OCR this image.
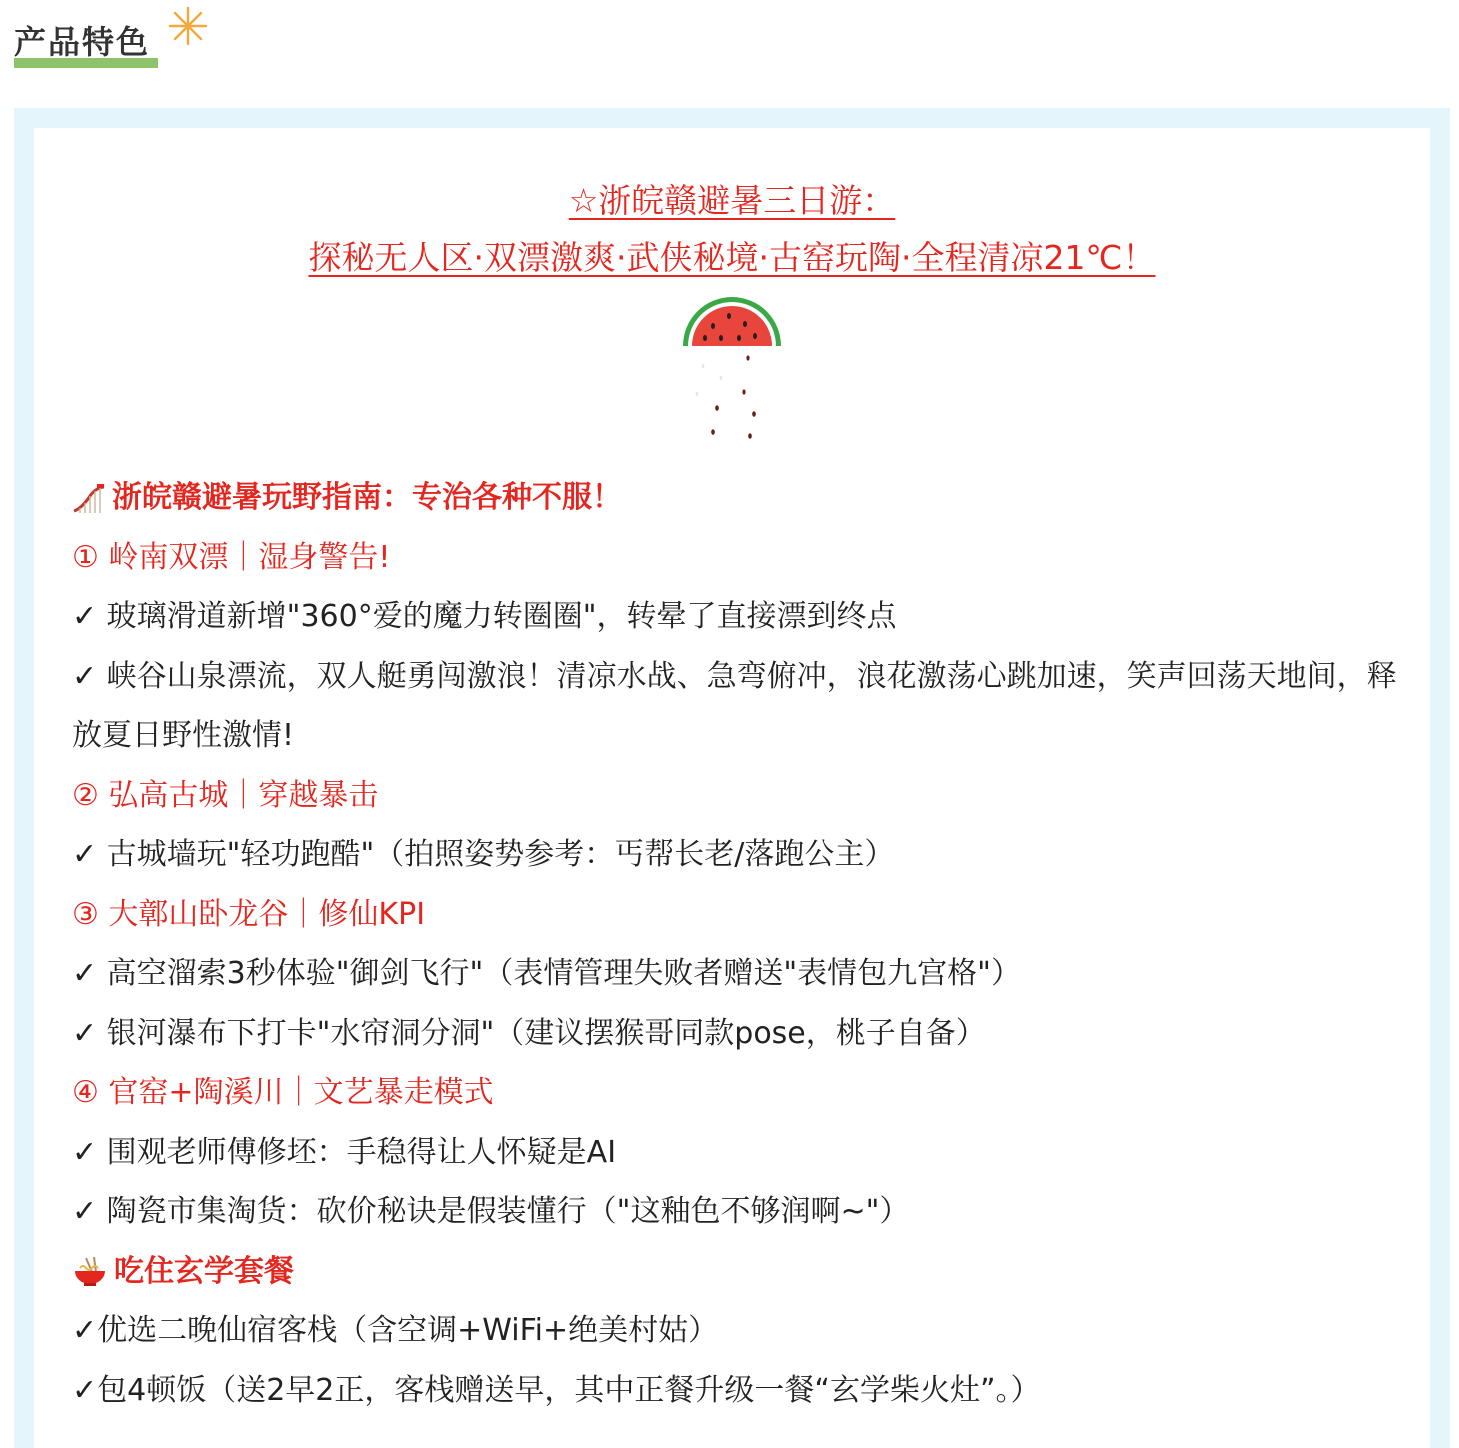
产品特色
☆浙皖赣避暑三日游：
探秘无人区·双漂激爽·武侠秘境·古窑玩陶·全程清凉21℃！
浙皖赣避暑玩野指南：专治各种不服！
① 岭南双漂｜湿身警告!
✓ 玻璃滑道新增"360°爱的魔力转圈圈"，转晕了直接漂到终点
✓ 峡谷山泉漂流，双人艇勇闯激浪！清凉水战、急弯俯冲，浪花激荡心跳加速，笑声回荡天地间，释放夏日野性激情!
② 弘高古城｜穿越暴击
✓ 古城墙玩"轻功跑酷"（拍照姿势参考：丐帮长老/落跑公主）
③ 大鄣山卧龙谷｜修仙KPI
✓ 高空溜索3秒体验"御剑飞行"（表情管理失败者赠送"表情包九宫格"）
✓ 银河瀑布下打卡"水帘洞分洞"（建议摆猴哥同款pose，桃子自备）
④ 官窑+陶溪川｜文艺暴走模式
✓ 围观老师傅修坯：手稳得让人怀疑是AI
✓ 陶瓷市集淘货：砍价秘诀是假装懂行（"这釉色不够润啊~"）
吃住玄学套餐
✓优选二晚仙宿客栈（含空调+WiFi+绝美村姑）
✓包4顿饭（送2早2正，客栈赠送早，其中正餐升级一餐“玄学柴火灶”。）
